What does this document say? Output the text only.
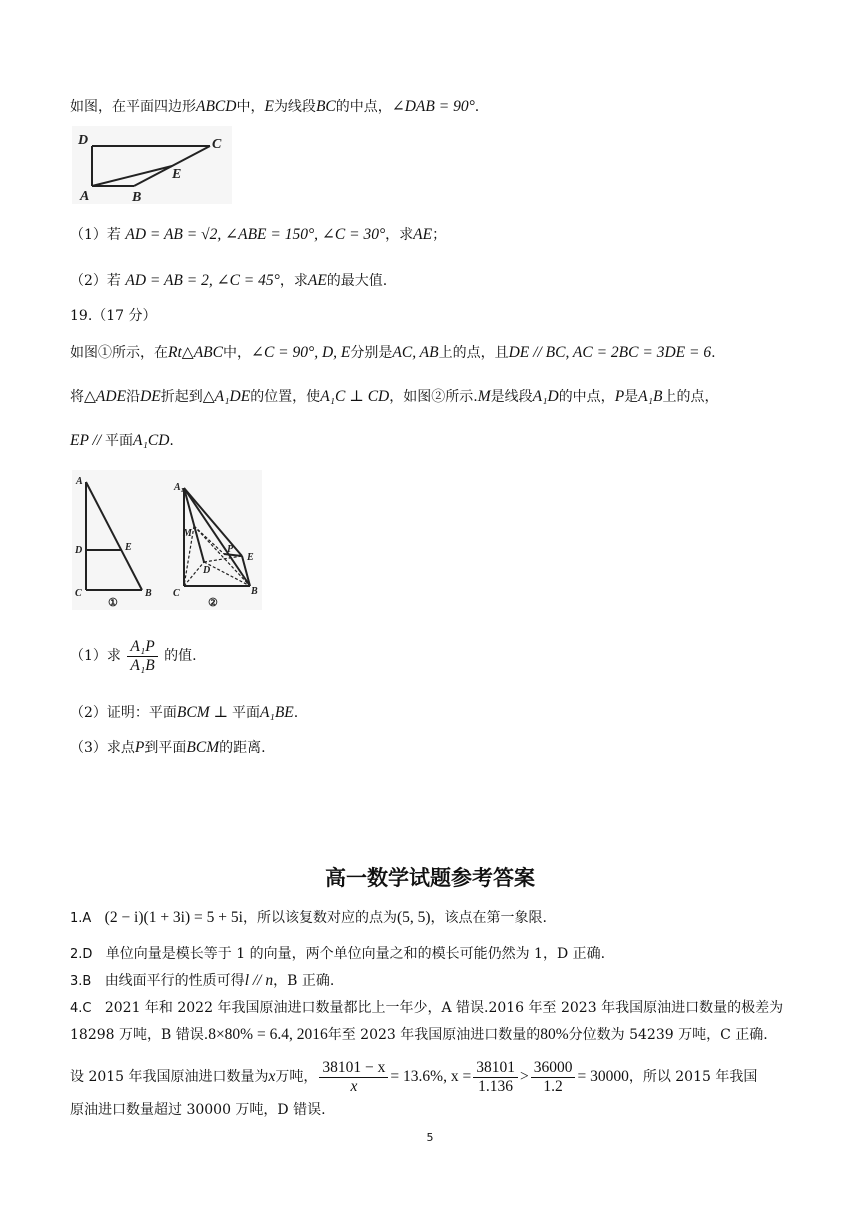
如图，在平面四边形ABCD中，E为线段BC的中点，∠DAB = 90°.
D	C
A	B
E
（1）若 AD = AB = √2, ∠ABE = 150°, ∠C = 30°，求AE；
（2）若 AD = AB = 2, ∠C = 45°，求AE的最大值.
19.（17 分）
如图①所示，在Rt△ABC中，∠C = 90°, D, E分别是AC, AB上的点，且DE // BC, AC = 2BC = 3DE = 6.
将△ADE沿DE折起到△A₁DE的位置，使A₁C ⊥ CD，如图②所示.M是线段A₁D的中点，P是A₁B上的点，
EP // 平面A₁CD.
A
D	E
C	B
①
A₁
M
D
P
E
C	B
②
（1）求 $\frac{\text{A₁P}}{\text{A₁B}}$ 的值.
（2）证明：平面BCM ⊥ 平面A₁BE.
（3）求点P到平面BCM的距离.
高一数学试题参考答案
1.A (2 − i)(1 + 3i) = 5 + 5i，所以该复数对应的点为(5, 5)，该点在第一象限.
2.D 单位向量是模长等于 1 的向量，两个单位向量之和的模长可能仍然为 1，D 正确.
3.B 由线面平行的性质可得l // n，B 正确.
4.C 2021 年和 2022 年我国原油进口数量都比上一年少，A 错误.2016 年至 2023 年我国原油进口数量的极差为
18298 万吨，B 错误.8×80% = 6.4, 2016年至 2023 年我国原油进口数量的80%分位数为 54239 万吨，C 正确.
设 2015 年我国原油进口数量为x万吨， $\frac{38101 - x}{x} = 13.6\%$, $x = \frac{38101}{1.136} > \frac{36000}{1.2} = 30000$，所以 2015 年我国
原油进口数量超过 30000 万吨，D 错误.
5
